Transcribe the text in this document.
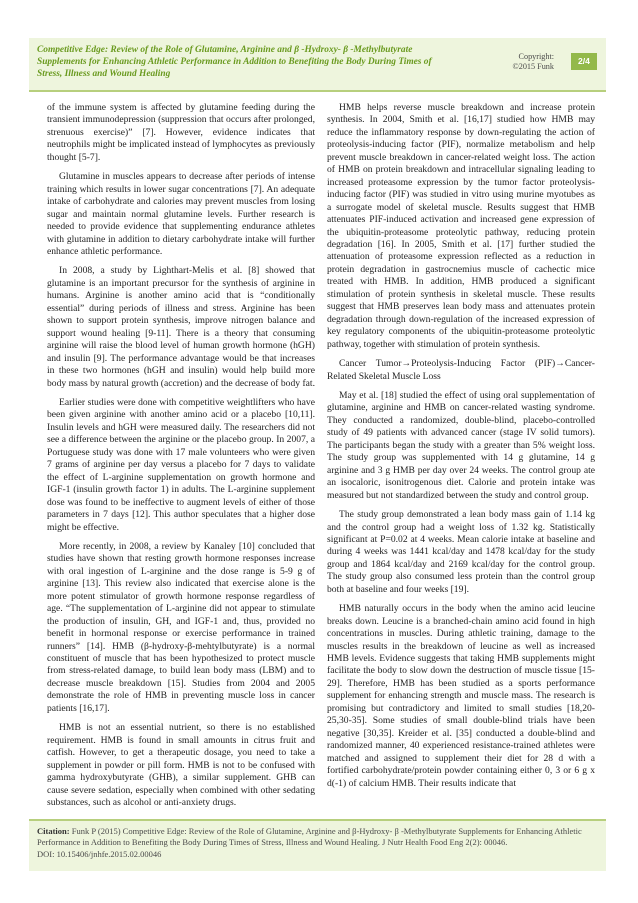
Competitive Edge: Review of the Role of Glutamine, Arginine and β -Hydroxy- β -Methylbutyrate Supplements for Enhancing Athletic Performance in Addition to Benefiting the Body During Times of Stress, Illness and Wound Healing
Copyright:
©2015 Funk
2/4

of the immune system is affected by glutamine feeding during the transient immunodepression (suppression that occurs after prolonged, strenuous exercise)” [7]. However, evidence indicates that neutrophils might be implicated instead of lymphocytes as previously thought [5-7].

Glutamine in muscles appears to decrease after periods of intense training which results in lower sugar concentrations [7]. An adequate intake of carbohydrate and calories may prevent muscles from losing sugar and maintain normal glutamine levels. Further research is needed to provide evidence that supplementing endurance athletes with glutamine in addition to dietary carbohydrate intake will further enhance athletic performance.

In 2008, a study by Lighthart-Melis et al. [8] showed that glutamine is an important precursor for the synthesis of arginine in humans. Arginine is another amino acid that is “conditionally essential” during periods of illness and stress. Arginine has been shown to support protein synthesis, improve nitrogen balance and support wound healing [9-11]. There is a theory that consuming arginine will raise the blood level of human growth hormone (hGH) and insulin [9]. The performance advantage would be that increases in these two hormones (hGH and insulin) would help build more body mass by natural growth (accretion) and the decrease of body fat.

Earlier studies were done with competitive weightlifters who have been given arginine with another amino acid or a placebo [10,11]. Insulin levels and hGH were measured daily. The researchers did not see a difference between the arginine or the placebo group. In 2007, a Portuguese study was done with 17 male volunteers who were given 7 grams of arginine per day versus a placebo for 7 days to validate the effect of L-arginine supplementation on growth hormone and IGF-1 (insulin growth factor 1) in adults. The L-arginine supplement dose was found to be ineffective to augment levels of either of those parameters in 7 days [12]. This author speculates that a higher dose might be effective.

More recently, in 2008, a review by Kanaley [10] concluded that studies have shown that resting growth hormone responses increase with oral ingestion of L-arginine and the dose range is 5-9 g of arginine [13]. This review also indicated that exercise alone is the more potent stimulator of growth hormone response regardless of age. “The supplementation of L-arginine did not appear to stimulate the production of insulin, GH, and IGF-1 and, thus, provided no benefit in hormonal response or exercise performance in trained runners” [14]. HMB (β-hydroxy-β-mehtylbutyrate) is a normal constituent of muscle that has been hypothesized to protect muscle from stress-related damage, to build lean body mass (LBM) and to decrease muscle breakdown [15]. Studies from 2004 and 2005 demonstrate the role of HMB in preventing muscle loss in cancer patients [16,17].

HMB is not an essential nutrient, so there is no established requirement. HMB is found in small amounts in citrus fruit and catfish. However, to get a therapeutic dosage, you need to take a supplement in powder or pill form. HMB is not to be confused with gamma hydroxybutyrate (GHB), a similar supplement. GHB can cause severe sedation, especially when combined with other sedating substances, such as alcohol or anti-anxiety drugs.

HMB helps reverse muscle breakdown and increase protein synthesis. In 2004, Smith et al. [16,17] studied how HMB may reduce the inflammatory response by down-regulating the action of proteolysis-inducing factor (PIF), normalize metabolism and help prevent muscle breakdown in cancer-related weight loss. The action of HMB on protein breakdown and intracellular signaling leading to increased proteasome expression by the tumor factor proteolysis-inducing factor (PIF) was studied in vitro using murine myotubes as a surrogate model of skeletal muscle. Results suggest that HMB attenuates PIF-induced activation and increased gene expression of the ubiquitin-proteasome proteolytic pathway, reducing protein degradation [16]. In 2005, Smith et al. [17] further studied the attenuation of proteasome expression reflected as a reduction in protein degradation in gastrocnemius muscle of cachectic mice treated with HMB. In addition, HMB produced a significant stimulation of protein synthesis in skeletal muscle. These results suggest that HMB preserves lean body mass and attenuates protein degradation through down-regulation of the increased expression of key regulatory components of the ubiquitin-proteasome proteolytic pathway, together with stimulation of protein synthesis.

Cancer Tumor→Proteolysis-Inducing Factor (PIF)→Cancer-Related Skeletal Muscle Loss

May et al. [18] studied the effect of using oral supplementation of glutamine, arginine and HMB on cancer-related wasting syndrome. They conducted a randomized, double-blind, placebo-controlled study of 49 patients with advanced cancer (stage IV solid tumors). The participants began the study with a greater than 5% weight loss. The study group was supplemented with 14 g glutamine, 14 g arginine and 3 g HMB per day over 24 weeks. The control group ate an isocaloric, isonitrogenous diet. Calorie and protein intake was measured but not standardized between the study and control group.

The study group demonstrated a lean body mass gain of 1.14 kg and the control group had a weight loss of 1.32 kg. Statistically significant at P=0.02 at 4 weeks. Mean calorie intake at baseline and during 4 weeks was 1441 kcal/day and 1478 kcal/day for the study group and 1864 kcal/day and 2169 kcal/day for the control group. The study group also consumed less protein than the control group both at baseline and four weeks [19].

HMB naturally occurs in the body when the amino acid leucine breaks down. Leucine is a branched-chain amino acid found in high concentrations in muscles. During athletic training, damage to the muscles results in the breakdown of leucine as well as increased HMB levels. Evidence suggests that taking HMB supplements might facilitate the body to slow down the destruction of muscle tissue [15-29]. Therefore, HMB has been studied as a sports performance supplement for enhancing strength and muscle mass. The research is promising but contradictory and limited to small studies [18,20-25,30-35]. Some studies of small double-blind trials have been negative [30,35]. Kreider et al. [35] conducted a double-blind and randomized manner, 40 experienced resistance-trained athletes were matched and assigned to supplement their diet for 28 d with a fortified carbohydrate/protein powder containing either 0, 3 or 6 g x d(-1) of calcium HMB. Their results indicate that

Citation: Funk P (2015) Competitive Edge: Review of the Role of Glutamine, Arginine and β-Hydroxy- β -Methylbutyrate Supplements for Enhancing Athletic Performance in Addition to Benefiting the Body During Times of Stress, Illness and Wound Healing. J Nutr Health Food Eng 2(2): 00046.
DOI: 10.15406/jnhfe.2015.02.00046
